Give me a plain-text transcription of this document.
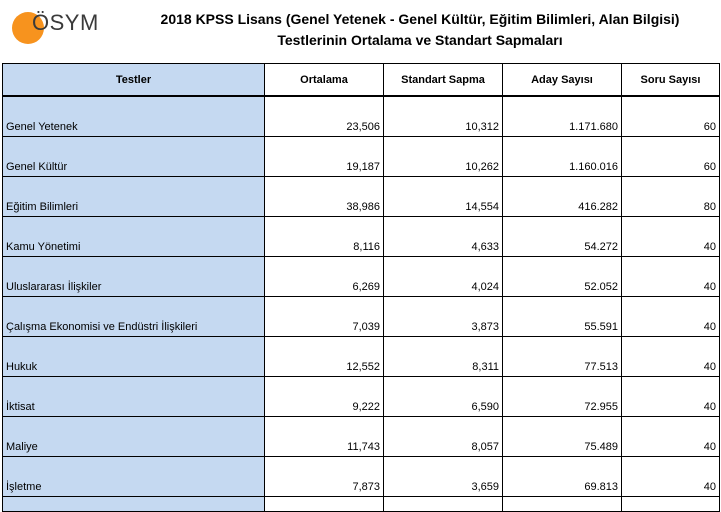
ÖSYM	2018 KPSS Lisans (Genel Yetenek - Genel Kültür, Eğitim Bilimleri, Alan Bilgisi)
Testlerinin Ortalama ve Standart Sapmaları
Testler	Ortalama	Standart Sapma	Aday Sayısı	Soru Sayısı
Genel Yetenek	23,506	10,312	1.171.680	60
Genel Kültür	19,187	10,262	1.160.016	60
Eğitim Bilimleri	38,986	14,554	416.282	80
Kamu Yönetimi	8,116	4,633	54.272	40
Uluslararası İlişkiler	6,269	4,024	52.052	40
Çalışma Ekonomisi ve Endüstri İlişkileri	7,039	3,873	55.591	40
Hukuk	12,552	8,311	77.513	40
İktisat	9,222	6,590	72.955	40
Maliye	11,743	8,057	75.489	40
İşletme	7,873	3,659	69.813	40
